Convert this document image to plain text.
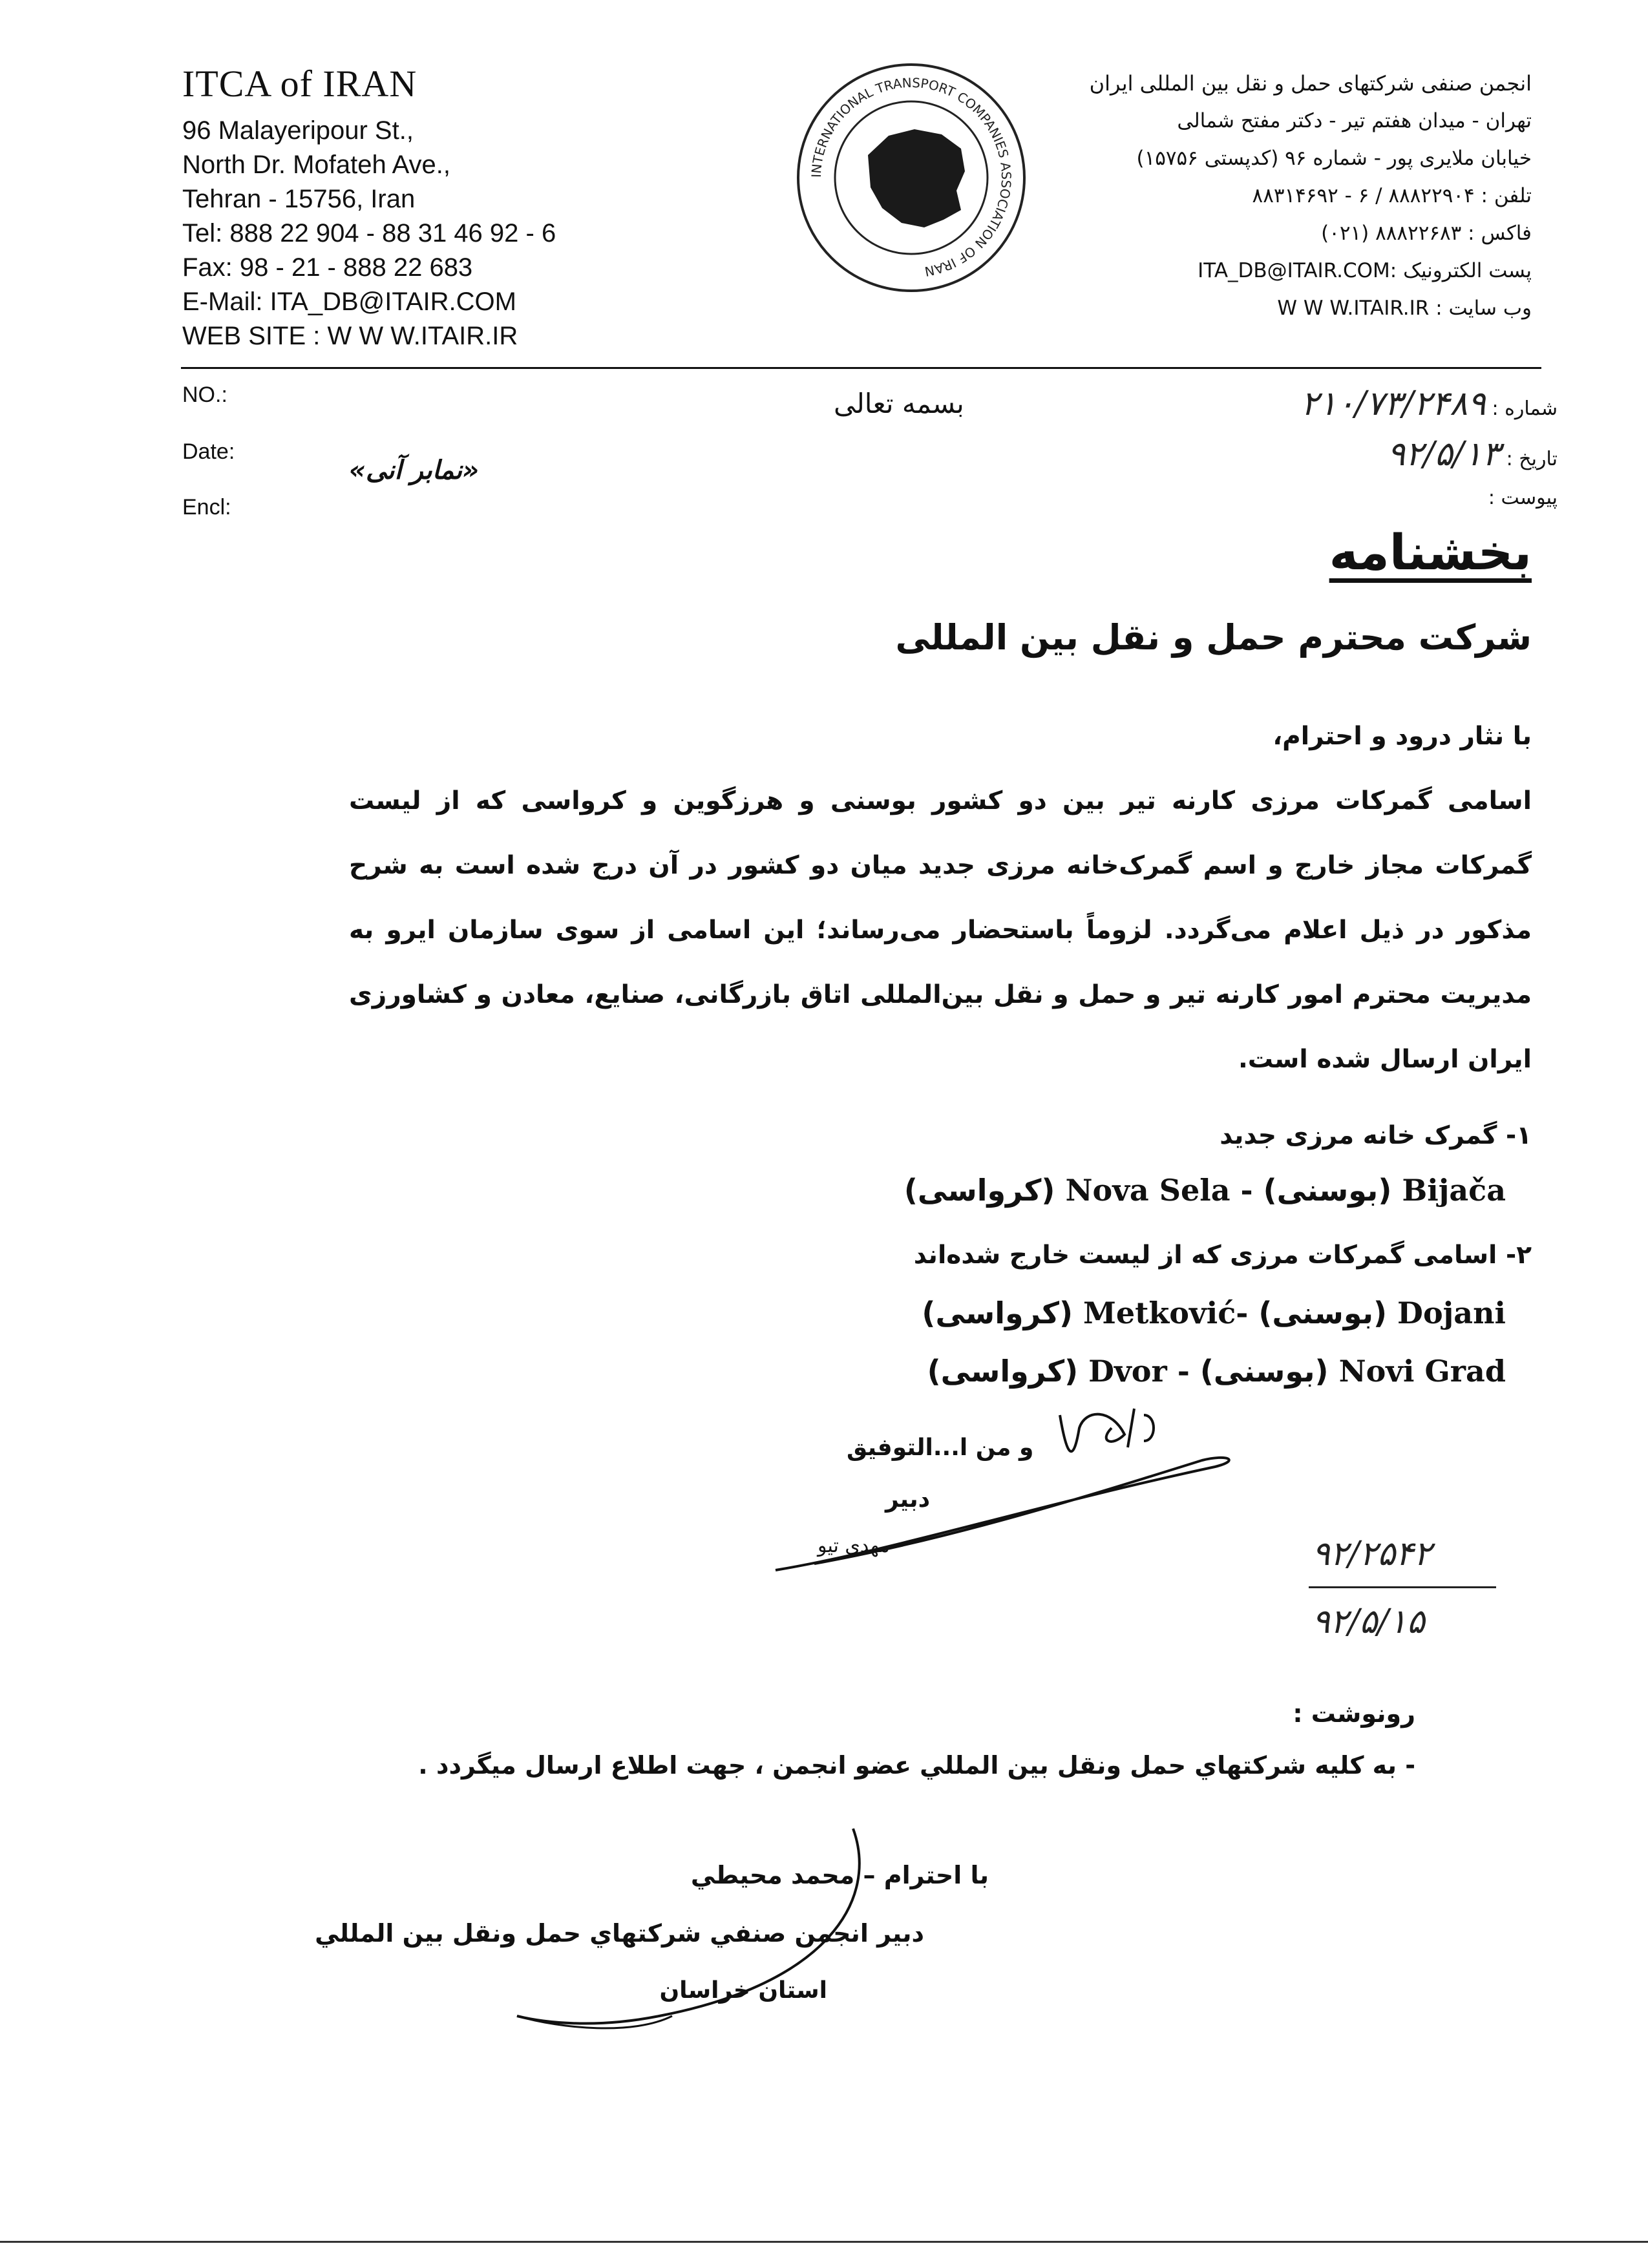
ITCA of IRAN
96 Malayeripour St.,
North Dr. Mofateh Ave.,
Tehran - 15756, Iran
Tel: 888 22 904 - 88 31 46 92 - 6
Fax: 98 - 21 - 888 22 683
E-Mail: ITA_DB@ITAIR.COM
WEB SITE : W W W.ITAIR.IR
INTERNATIONAL TRANSPORT COMPANIES ASSOCIATION OF IRAN
انجمن صنفی شرکتهای حمل و نقل بین المللی ایران
تهران - میدان هفتم تیر - دکتر مفتح شمالی
خیابان ملایری پور - شماره ۹۶ (کدپستی ۱۵۷۵۶)
تلفن : ۸۸۸۲۲۹۰۴ / ۶ - ۸۸۳۱۴۶۹۲
فاکس : ۸۸۸۲۲۶۸۳ (۰۲۱)
پست الکترونیک :ITA_DB@ITAIR.COM
وب سایت : W W W.ITAIR.IR
NO.:
Date:
Encl:
«نمابر آنی»
بسمه تعالی	شماره : ۲۱۰/۷۳/۲۴۸۹
تاریخ : ۹۲/۵/۱۳
پیوست :
بخشنامه
شرکت محترم حمل و نقل بین المللی

با نثار درود و احترام،

اسامی گمرکات مرزی کارنه تیر بین دو کشور بوسنی و هرزگوین و کرواسی که از لیست گمرکات مجاز خارج و اسم گمرک‌خانه مرزی جدید میان دو کشور در آن درج شده است به شرح مذکور در ذیل اعلام می‌گردد. لزوماً باستحضار می‌رساند؛ این اسامی از سوی سازمان ایرو به مدیریت محترم امور کارنه تیر و حمل و نقل بین‌المللی اتاق بازرگانی، صنایع، معادن و کشاورزی ایران ارسال شده است.

۱- گمرک خانه مرزی جدید
Bijača (بوسنی) - Nova Sela (کرواسی)
۲- اسامی گمرکات مرزی که از لیست خارج شده‌اند
Dojani (بوسنی) -Metković (کرواسی)
Novi Grad (بوسنی) - Dvor (کرواسی)
و من ا...التوفیق
دبیر
مهدی تیو	۹۲/۲۵۴۲
۹۲/۵/۱۵
رونوشت :
- به کلیه شرکتهاي حمل ونقل بین المللي عضو انجمن ، جهت اطلاع ارسال میگردد .
با احترام – محمد محیطي
دبیر انجمن صنفي شرکتهاي حمل ونقل بین المللي
استان خراسان
